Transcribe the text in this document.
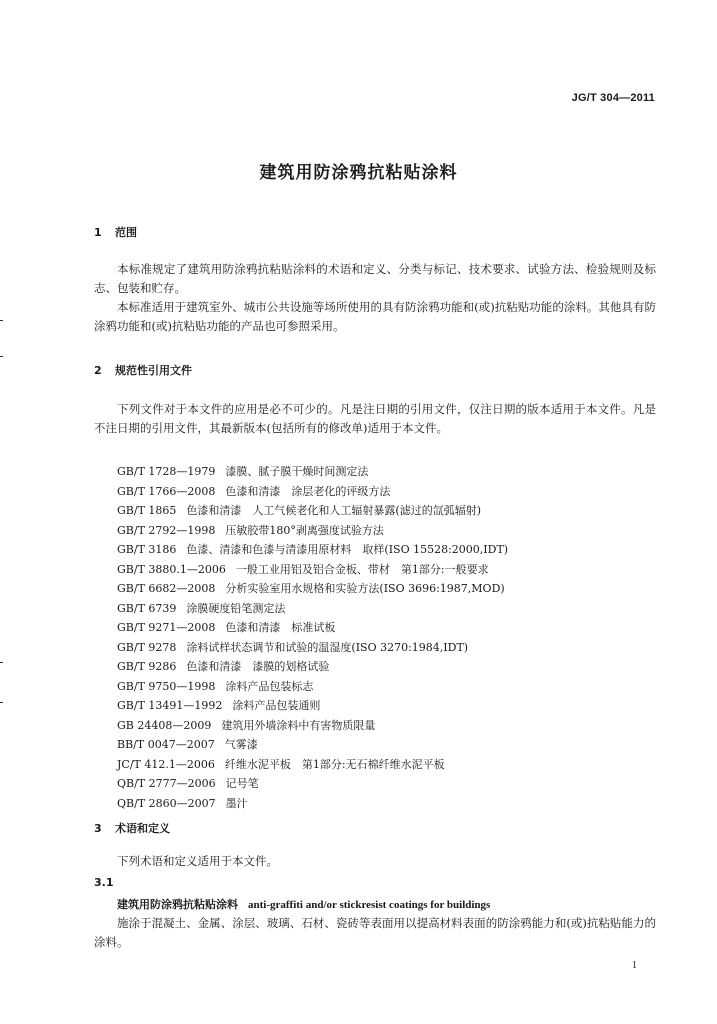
JG/T 304—2011
建筑用防涂鸦抗粘贴涂料
1 范围

本标准规定了建筑用防涂鸦抗粘贴涂料的术语和定义、分类与标记、技术要求、试验方法、检验规则及标志、包装和贮存。

本标准适用于建筑室外、城市公共设施等场所使用的具有防涂鸦功能和(或)抗粘贴功能的涂料。其他具有防涂鸦功能和(或)抗粘贴功能的产品也可参照采用。

2 规范性引用文件

下列文件对于本文件的应用是必不可少的。凡是注日期的引用文件，仅注日期的版本适用于本文件。凡是不注日期的引用文件，其最新版本(包括所有的修改单)适用于本文件。

GB/T 1728—1979 漆膜、腻子膜干燥时间测定法
GB/T 1766—2008 色漆和清漆　涂层老化的评级方法
GB/T 1865 色漆和清漆　人工气候老化和人工辐射暴露(滤过的氙弧辐射)
GB/T 2792—1998 压敏胶带180°剥离强度试验方法
GB/T 3186 色漆、清漆和色漆与清漆用原材料　取样(ISO 15528:2000,IDT)
GB/T 3880.1—2006 一般工业用铝及铝合金板、带材　第1部分:一般要求
GB/T 6682—2008 分析实验室用水规格和实验方法(ISO 3696:1987,MOD)
GB/T 6739 涂膜硬度铅笔测定法
GB/T 9271—2008 色漆和清漆　标准试板
GB/T 9278 涂料试样状态调节和试验的温湿度(ISO 3270:1984,IDT)
GB/T 9286 色漆和清漆　漆膜的划格试验
GB/T 9750—1998 涂料产品包装标志
GB/T 13491—1992 涂料产品包装通则
GB 24408—2009 建筑用外墙涂料中有害物质限量
BB/T 0047—2007 气雾漆
JC/T 412.1—2006 纤维水泥平板　第1部分:无石棉纤维水泥平板
QB/T 2777—2006 记号笔
QB/T 2860—2007 墨汁
3 术语和定义

下列术语和定义适用于本文件。

3.1
建筑用防涂鸦抗粘贴涂料 anti-graffiti and/or stickresist coatings for buildings

施涂于混凝土、金属、涂层、玻璃、石材、瓷砖等表面用以提高材料表面的防涂鸦能力和(或)抗粘贴能力的涂料。

1
